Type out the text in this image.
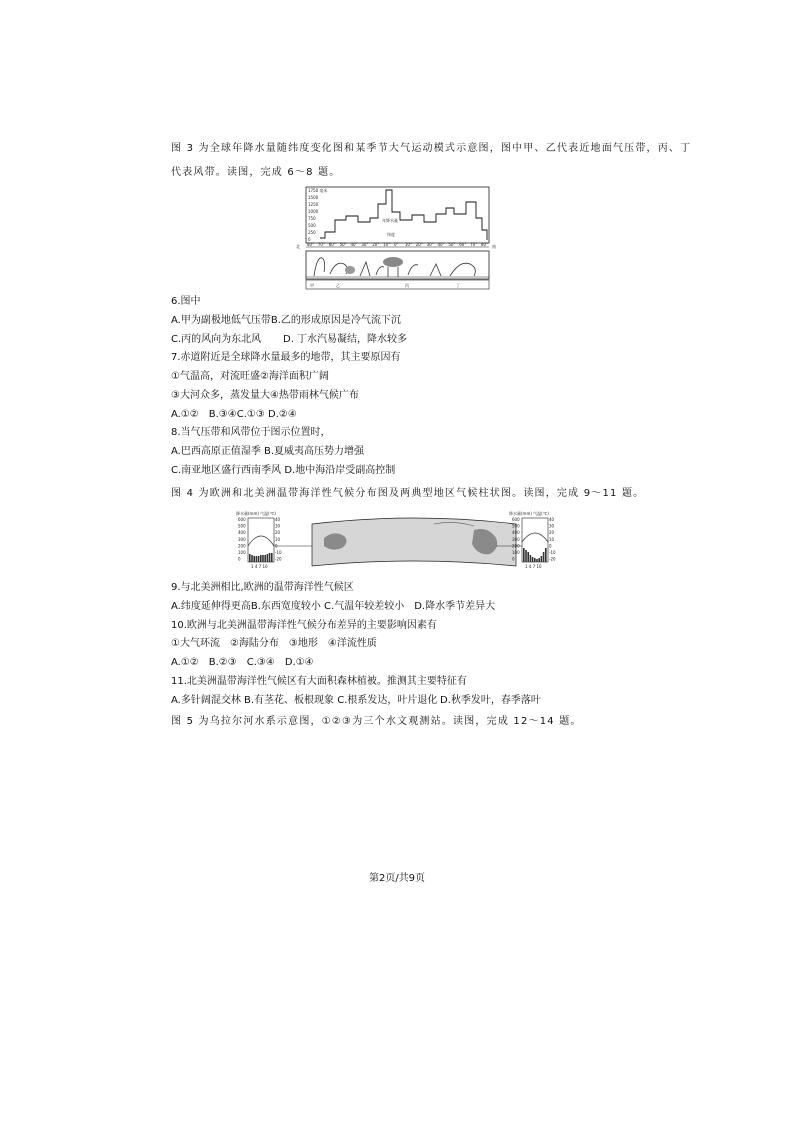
图 3 为全球年降水量随纬度变化图和某季节大气运动模式示意图，图中甲、乙代表近地面气压带，丙、丁
代表风带。读图，完成 6～8 题。
1750 毫米
1500
1250
1000
750
500
250
0
年降水量
纬度
北	南
80° 70° 60° 50° 40° 30° 20° 10° 0° 10° 20° 30° 40° 50° 60° 70° 80°
甲	乙	丙	丁
6.图中
A.甲为副极地低气压带B.乙的形成原因是冷气流下沉
C.丙的风向为东北风 D. 丁水汽易凝结，降水较多
7.赤道附近是全球降水量最多的地带，其主要原因有
①气温高，对流旺盛②海洋面积广阔
③大河众多，蒸发量大④热带雨林气候广布
A.①②　B.③④C.①③ D.②④
8.当气压带和风带位于图示位置时，
A.巴西高原正值湿季 B.夏威夷高压势力增强
C.南亚地区盛行西南季风 D.地中海沿岸受副高控制
图 4 为欧洲和北美洲温带海洋性气候分布图及两典型地区气候柱状图。读图，完成 9～11 题。
降水量(mm) 气温(℃)	降水量(mm) 气温(℃)
1 4 7 10	1 4 7 10
600	40
500	30
400	20
300	10
200	0
100	-10
0	-20
600	40
500	30
400	20
300	10
200	0
100	-10
0	-20
9.与北美洲相比,欧洲的温带海洋性气候区
A.纬度延伸得更高B.东西宽度较小 C.气温年较差较小　D.降水季节差异大
10.欧洲与北美洲温带海洋性气候分布差异的主要影响因素有
①大气环流　②海陆分布　③地形　④洋流性质
A.①②　B.②③　C.③④　D.①④
11.北美洲温带海洋性气候区有大面积森林植被。推测其主要特征有
A.多针阔混交林 B.有茎花、板根现象 C.根系发达，叶片退化 D.秋季发叶，春季落叶
图 5 为乌拉尔河水系示意图，①②③为三个水文观测站。读图，完成 12～14 题。
第2页/共9页
